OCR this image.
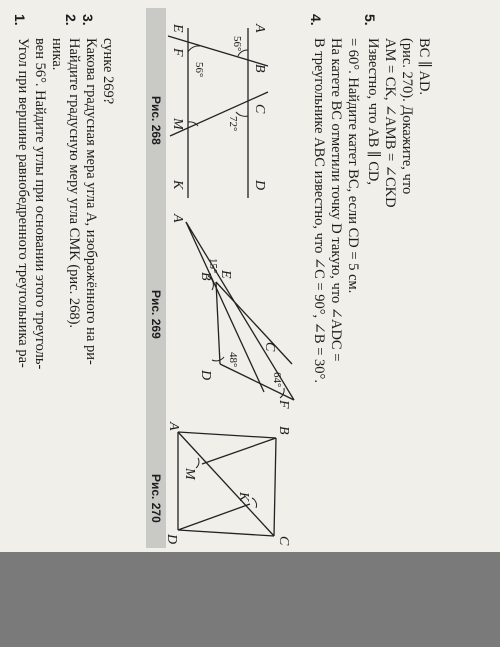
1.
Угол при вершине равнобедренного треугольника ра- вен 56°. Найдите углы при основании этого треуголь- ника.
2.
Найдите градусную меру угла CMK (рис. 268).
3.
Какова градусная мера угла A, изображённого на ри- сунке 269?
Рис. 268
Рис. 269
Рис. 270
E
F
M
K
A
B
C
D
56°
56°
72°
A
B
C
D
E
F
15°
48°
64°
4.
В треугольнике ABC известно, что ∠C = 90°, ∠B = 30°. На катете BC отметили точку D такую, что ∠ADC = = 60°. Найдите катет BC, если CD = 5 см.
5.
Известно, что AB ∥ CD, AM = CK, ∠AMB = ∠CKD (рис. 270). Докажите, что BC ∥ AD.
A	B
C
D
M
K
